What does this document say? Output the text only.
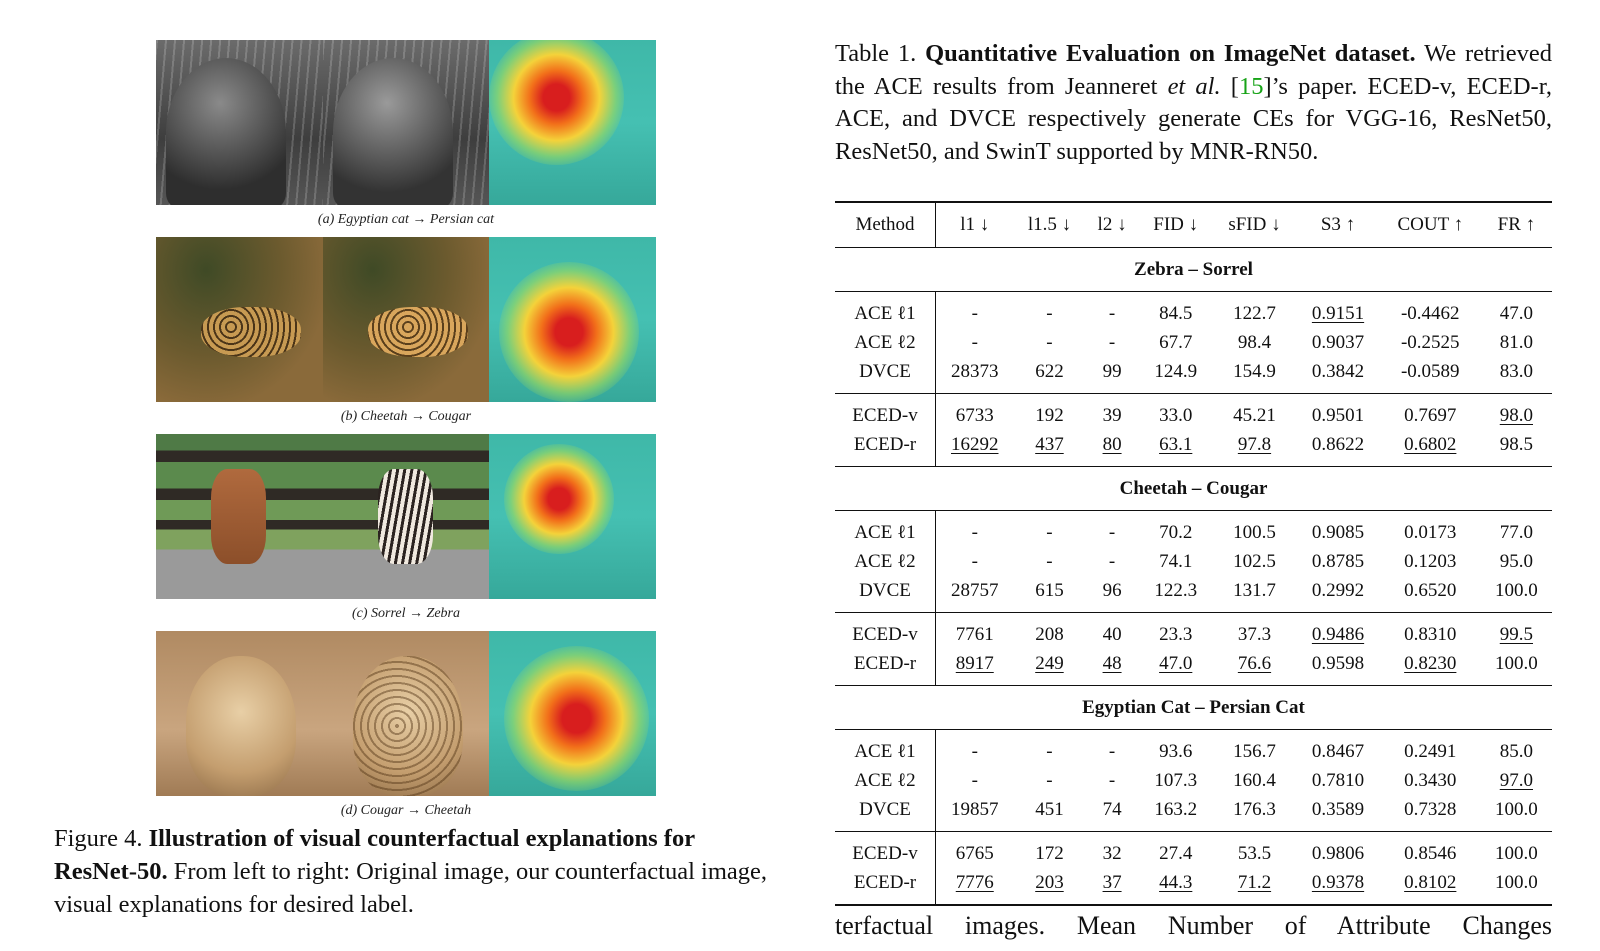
(a) Egyptian cat → Persian cat
(b) Cheetah → Cougar
(c) Sorrel → Zebra
(d) Cougar → Cheetah
Figure 4. Illustration of visual counterfactual explanations for ResNet-50. From left to right: Original image, our counterfactual image, visual explanations for desired label.
Table 1. Quantitative Evaluation on ImageNet dataset. We retrieved the ACE results from Jeanneret et al. [15]’s paper. ECED-v, ECED-r, ACE, and DVCE respectively generate CEs for VGG-16, ResNet50, ResNet50, and SwinT supported by MNR-RN50.
Method	l1 ↓	l1.5 ↓	l2 ↓	FID ↓	sFID ↓	S3 ↑	COUT ↑	FR ↑
Zebra – Sorrel								
ACE ℓ1	-	-	-	84.5	122.7	0.9151	-0.4462	47.0
ACE ℓ2	-	-	-	67.7	98.4	0.9037	-0.2525	81.0
DVCE	28373	622	99	124.9	154.9	0.3842	-0.0589	83.0
ECED-v	6733	192	39	33.0	45.21	0.9501	0.7697	98.0
ECED-r	16292	437	80	63.1	97.8	0.8622	0.6802	98.5
Cheetah – Cougar								
ACE ℓ1	-	-	-	70.2	100.5	0.9085	0.0173	77.0
ACE ℓ2	-	-	-	74.1	102.5	0.8785	0.1203	95.0
DVCE	28757	615	96	122.3	131.7	0.2992	0.6520	100.0
ECED-v	7761	208	40	23.3	37.3	0.9486	0.8310	99.5
ECED-r	8917	249	48	47.0	76.6	0.9598	0.8230	100.0
Egyptian Cat – Persian Cat								
ACE ℓ1	-	-	-	93.6	156.7	0.8467	0.2491	85.0
ACE ℓ2	-	-	-	107.3	160.4	0.7810	0.3430	97.0
DVCE	19857	451	74	163.2	176.3	0.3589	0.7328	100.0
ECED-v	6765	172	32	27.4	53.5	0.9806	0.8546	100.0
ECED-r	7776	203	37	44.3	71.2	0.9378	0.8102	100.0
terfactual images. Mean Number of Attribute Changes
